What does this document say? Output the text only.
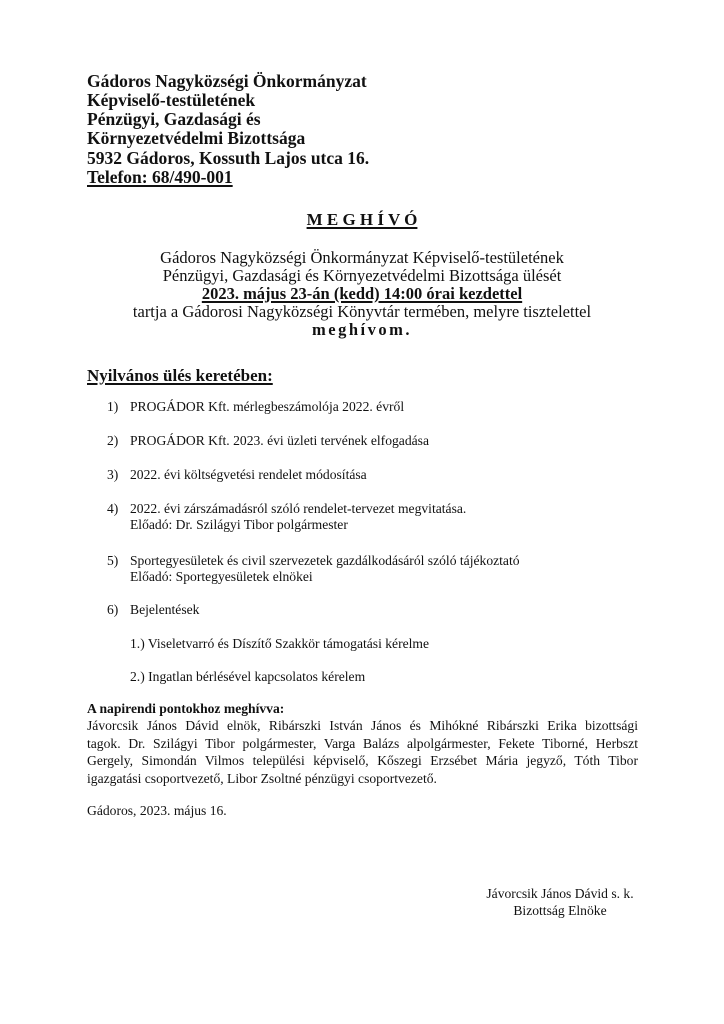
Gádoros Nagyközségi Önkormányzat
Képviselő-testületének
Pénzügyi, Gazdasági és
Környezetvédelmi Bizottsága
5932 Gádoros, Kossuth Lajos utca 16.
Telefon: 68/490-001
M E G H Í V Ó
Gádoros Nagyközségi Önkormányzat Képviselő-testületének
Pénzügyi, Gazdasági és Környezetvédelmi Bizottsága ülését
2023. május 23-án (kedd) 14:00 órai kezdettel
tartja a Gádorosi Nagyközségi Könyvtár termében, melyre tisztelettel
meghívom.
Nyilvános ülés keretében:
1) PROGÁDOR Kft. mérlegbeszámolója 2022. évről
2) PROGÁDOR Kft. 2023. évi üzleti tervének elfogadása
3) 2022. évi költségvetési rendelet módosítása
4) 2022. évi zárszámadásról szóló rendelet-tervezet megvitatása.
Előadó: Dr. Szilágyi Tibor polgármester
5) Sportegyesületek és civil szervezetek gazdálkodásáról szóló tájékoztató
Előadó: Sportegyesületek elnökei
6) Bejelentések
1.) Viseletvarró és Díszítő Szakkör támogatási kérelme
2.) Ingatlan bérlésével kapcsolatos kérelem
A napirendi pontokhoz meghívva:
Jávorcsik János Dávid elnök, Ribárszki István János és Mihókné Ribárszki Erika bizottsági
tagok. Dr. Szilágyi Tibor polgármester, Varga Balázs alpolgármester, Fekete Tiborné, Herbszt
Gergely, Simondán Vilmos települési képviselő, Kőszegi Erzsébet Mária jegyző, Tóth Tibor
igazgatási csoportvezető, Libor Zsoltné pénzügyi csoportvezető.
Gádoros, 2023. május 16.
Jávorcsik János Dávid s. k.
Bizottság Elnöke
